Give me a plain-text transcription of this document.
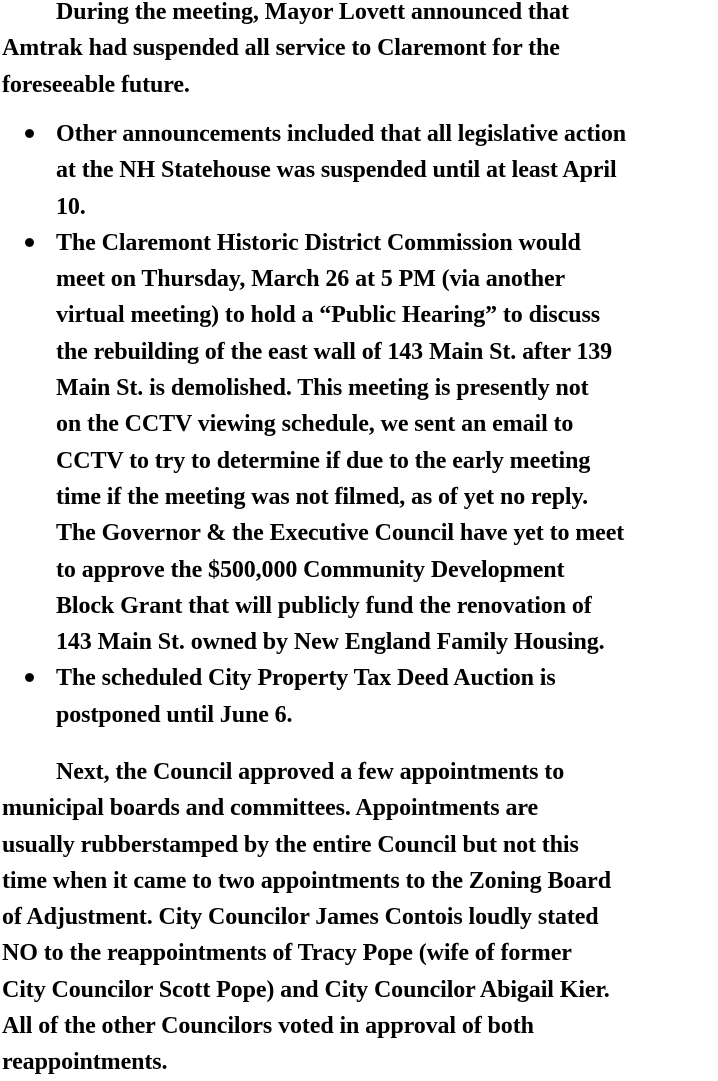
During the meeting, Mayor Lovett announced that
Amtrak had suspended all service to Claremont for the
foreseeable future.

Other announcements included that all legislative action
at the NH Statehouse was suspended until at least April
10.
The Claremont Historic District Commission would
meet on Thursday, March 26 at 5 PM (via another
virtual meeting) to hold a “Public Hearing” to discuss
the rebuilding of the east wall of 143 Main St. after 139
Main St. is demolished. This meeting is presently not
on the CCTV viewing schedule, we sent an email to
CCTV to try to determine if due to the early meeting
time if the meeting was not filmed, as of yet no reply.
The Governor & the Executive Council have yet to meet
to approve the $500,000 Community Development
Block Grant that will publicly fund the renovation of
143 Main St. owned by New England Family Housing.
The scheduled City Property Tax Deed Auction is
postponed until June 6.

Next, the Council approved a few appointments to
municipal boards and committees. Appointments are
usually rubberstamped by the entire Council but not this
time when it came to two appointments to the Zoning Board
of Adjustment. City Councilor James Contois loudly stated
NO to the reappointments of Tracy Pope (wife of former
City Councilor Scott Pope) and City Councilor Abigail Kier.
All of the other Councilors voted in approval of both
reappointments.
